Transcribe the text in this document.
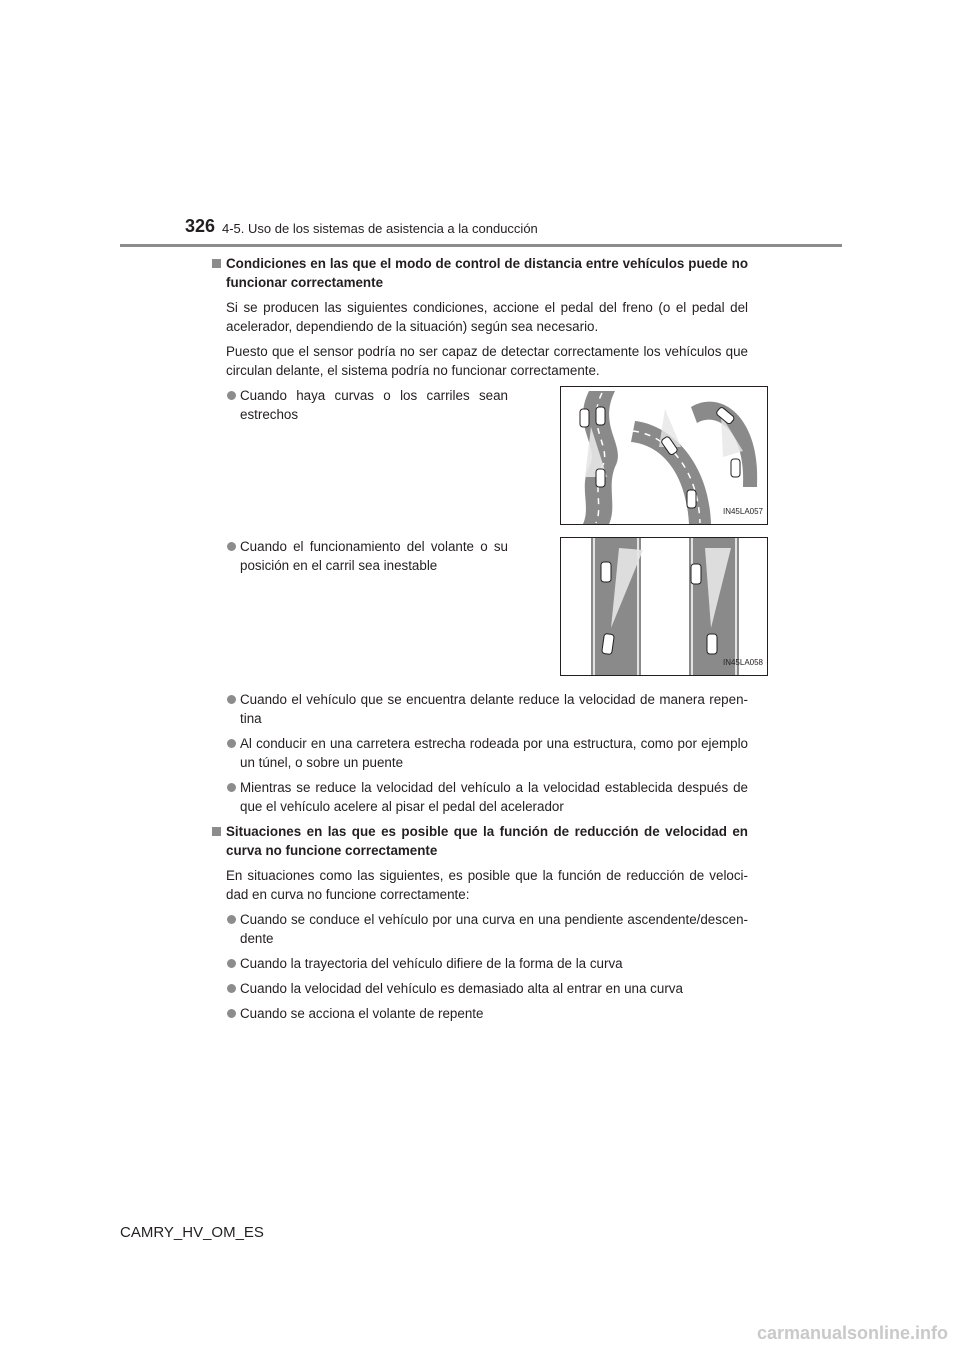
326 4-5. Uso de los sistemas de asistencia a la conducción
Condiciones en las que el modo de control de distancia entre vehículos puede no funcionar correctamente
Si se producen las siguientes condiciones, accione el pedal del freno (o el pedal del acelerador, dependiendo de la situación) según sea necesario.
Puesto que el sensor podría no ser capaz de detectar correctamente los vehículos que circulan delante, el sistema podría no funcionar correctamente.
Cuando haya curvas o los carriles sean estrechos
IN45LA057
Cuando el funcionamiento del volante o su posición en el carril sea inestable
IN45LA058
Cuando el vehículo que se encuentra delante reduce la velocidad de manera repen-tina
Al conducir en una carretera estrecha rodeada por una estructura, como por ejemplo un túnel, o sobre un puente
Mientras se reduce la velocidad del vehículo a la velocidad establecida después de que el vehículo acelere al pisar el pedal del acelerador
Situaciones en las que es posible que la función de reducción de velocidad en curva no funcione correctamente
En situaciones como las siguientes, es posible que la función de reducción de veloci-dad en curva no funcione correctamente:
Cuando se conduce el vehículo por una curva en una pendiente ascendente/descen-dente
Cuando la trayectoria del vehículo difiere de la forma de la curva
Cuando la velocidad del vehículo es demasiado alta al entrar en una curva
Cuando se acciona el volante de repente
CAMRY_HV_OM_ES
carmanualsonline.info
